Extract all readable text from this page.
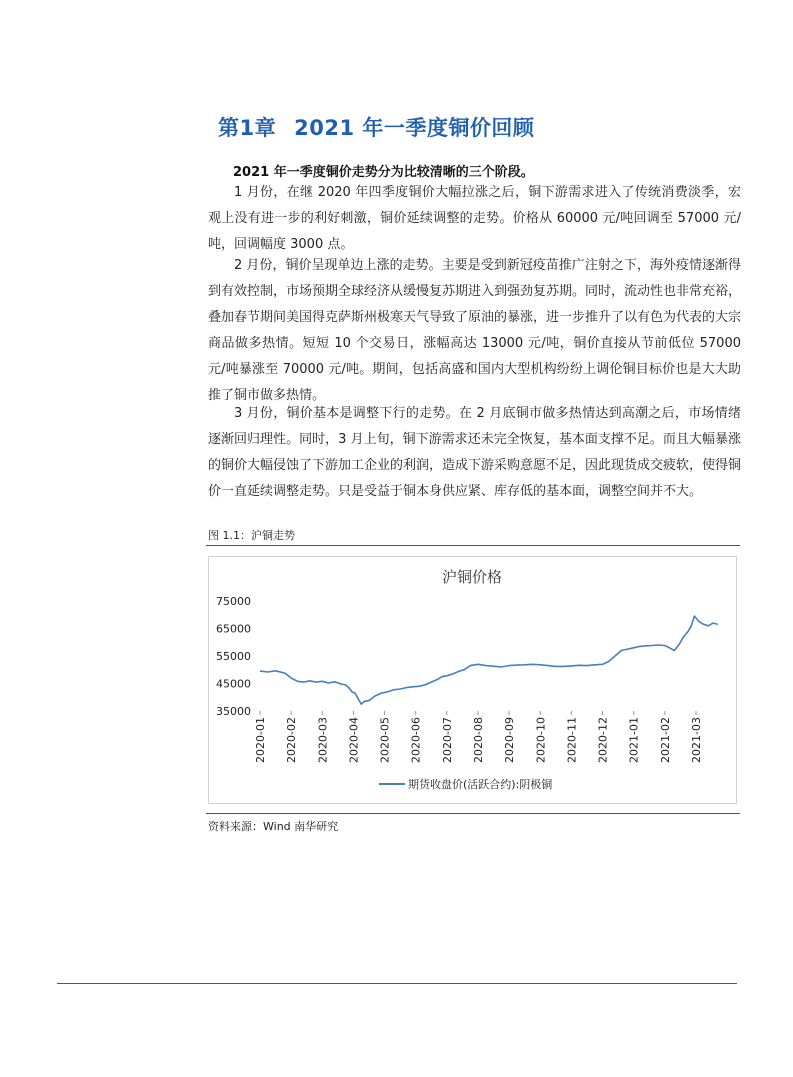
第1章 2021 年一季度铜价回顾

2021 年一季度铜价走势分为比较清晰的三个阶段。

1 月份，在继 2020 年四季度铜价大幅拉涨之后，铜下游需求进入了传统消费淡季，宏观上没有进一步的利好刺激，铜价延续调整的走势。价格从 60000 元/吨回调至 57000 元/吨，回调幅度 3000 点。

2 月份，铜价呈现单边上涨的走势。主要是受到新冠疫苗推广注射之下，海外疫情逐渐得到有效控制，市场预期全球经济从缓慢复苏期进入到强劲复苏期。同时，流动性也非常充裕，叠加春节期间美国得克萨斯州极寒天气导致了原油的暴涨，进一步推升了以有色为代表的大宗商品做多热情。短短 10 个交易日，涨幅高达 13000 元/吨，铜价直接从节前低位 57000 元/吨暴涨至 70000 元/吨。期间，包括高盛和国内大型机构纷纷上调伦铜目标价也是大大助推了铜市做多热情。

3 月份，铜价基本是调整下行的走势。在 2 月底铜市做多热情达到高潮之后，市场情绪逐渐回归理性。同时，3 月上旬，铜下游需求还未完全恢复，基本面支撑不足。而且大幅暴涨的铜价大幅侵蚀了下游加工企业的利润，造成下游采购意愿不足，因此现货成交疲软，使得铜价一直延续调整走势。只是受益于铜本身供应紧、库存低的基本面，调整空间并不大。

图 1.1：沪铜走势

沪铜价格
35000
45000
55000
65000
75000
2020-01 2020-02 2020-03 2020-04 2020-05 2020-06 2020-07 2020-08 2020-09 2020-10 2020-11 2020-12 2021-01 2021-02 2021-03
期货收盘价(活跃合约):阴极铜

资料来源：Wind 南华研究
